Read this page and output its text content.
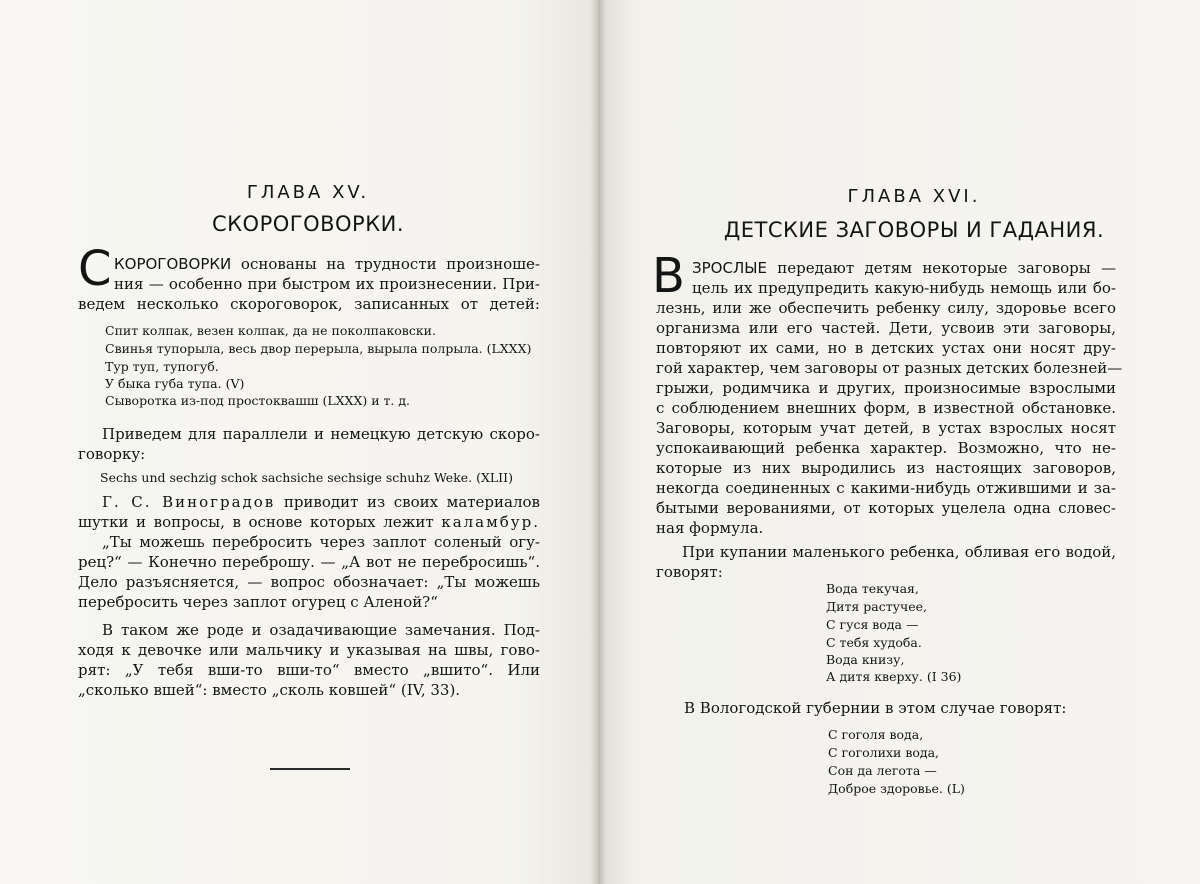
ГЛАВА XV.
СКОРОГОВОРКИ.
С КОРОГОВОРКИ основаны на трудности произноше-
ния — особенно при быстром их произнесении. При-
ведем несколько скороговорок, записанных от детей:
Спит колпак, везен колпак, да не поколпаковски.
Свинья тупорыла, весь двор перерыла, вырыла полрыла. (LXXX)
Тур туп, тупогуб.
У быка губа тупа. (V)
Сыворотка из-под простоквашш (LXXX) и т. д.
Приведем для параллели и немецкую детскую скоро-
говорку:
Sechs und sechzig schok sachsiche sechsige schuhz Weke. (XLII)
Г. С. Виноградов приводит из своих материалов
шутки и вопросы, в основе которых лежит каламбур.
„Ты можешь перебросить через заплот соленый огу-
рец?“ — Конечно переброшу. — „А вот не перебросишь“.
Дело разъясняется, — вопрос обозначает: „Ты можешь
перебросить через заплот огурец с Аленой?“
В таком же роде и озадачивающие замечания. Под-
ходя к девочке или мальчику и указывая на швы, гово-
рят: „У тебя вши-то вши-то“ вместо „вшито“. Или
„сколько вшей“: вместо „сколь ковшей“ (IV, 33).
ГЛАВА XVI.
ДЕТСКИЕ ЗАГОВОРЫ И ГАДАНИЯ.
В ЗРОСЛЫЕ передают детям некоторые заговоры —
цель их предупредить какую-нибудь немощь или бо-
лезнь, или же обеспечить ребенку силу, здоровье всего
организма или его частей. Дети, усвоив эти заговоры,
повторяют их сами, но в детских устах они носят дру-
гой характер, чем заговоры от разных детских болезней—
грыжи, родимчика и других, произносимые взрослыми
с соблюдением внешних форм, в известной обстановке.
Заговоры, которым учат детей, в устах взрослых носят
успокаивающий ребенка характер. Возможно, что не-
которые из них выродились из настоящих заговоров,
некогда соединенных с какими-нибудь отжившими и за-
бытыми верованиями, от которых уцелела одна словес-
ная формула.
При купании маленького ребенка, обливая его водой,
говорят:
Вода текучая,
Дитя растучее,
С гуся вода —
С тебя худоба.
Вода книзу,
А дитя кверху. (I 36)
В Вологодской губернии в этом случае говорят:
С гоголя вода,
С гоголихи вода,
Сон да легота —
Доброе здоровье. (L)
